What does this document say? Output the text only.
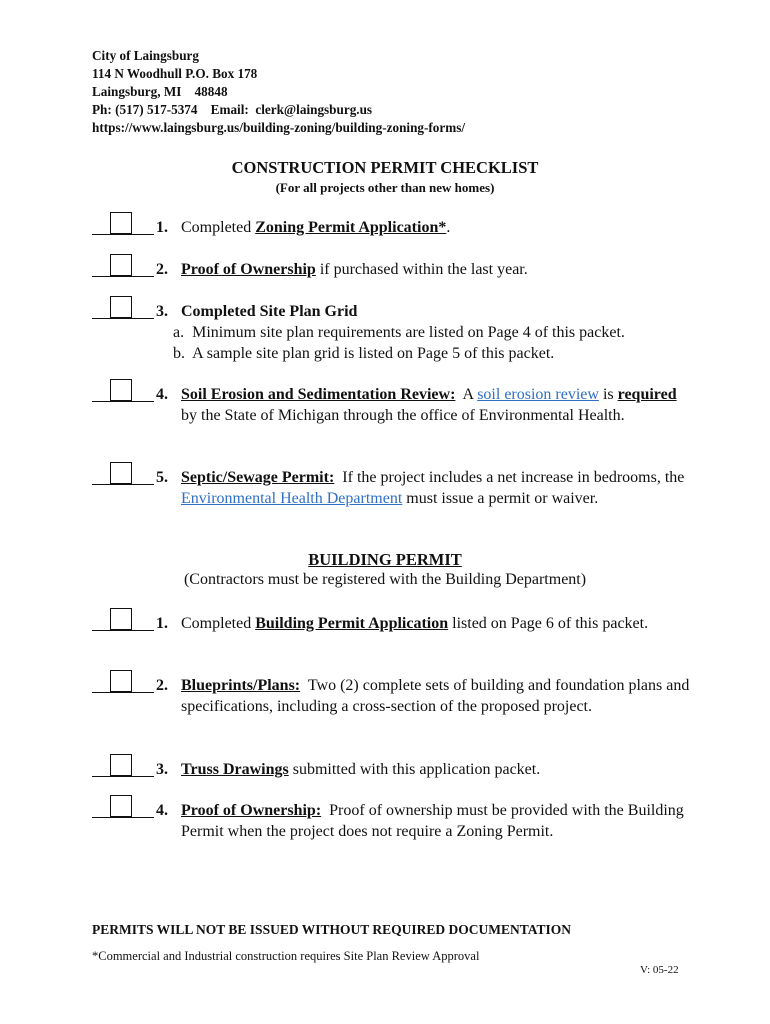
City of Laingsburg
114 N Woodhull P.O. Box 178
Laingsburg, MI    48848
Ph: (517) 517-5374    Email:  clerk@laingsburg.us
https://www.laingsburg.us/building-zoning/building-zoning-forms/
CONSTRUCTION PERMIT CHECKLIST
(For all projects other than new homes)
1. Completed Zoning Permit Application*.
2. Proof of Ownership if purchased within the last year.
3. Completed Site Plan Grid
a.  Minimum site plan requirements are listed on Page 4 of this packet.
b.  A sample site plan grid is listed on Page 5 of this packet.
4. Soil Erosion and Sedimentation Review:  A soil erosion review is required by the State of Michigan through the office of Environmental Health.
5. Septic/Sewage Permit:  If the project includes a net increase in bedrooms, the Environmental Health Department must issue a permit or waiver.
BUILDING PERMIT
(Contractors must be registered with the Building Department)
1. Completed Building Permit Application listed on Page 6 of this packet.
2. Blueprints/Plans:  Two (2) complete sets of building and foundation plans and specifications, including a cross-section of the proposed project.
3. Truss Drawings submitted with this application packet.
4. Proof of Ownership:  Proof of ownership must be provided with the Building Permit when the project does not require a Zoning Permit.
PERMITS WILL NOT BE ISSUED WITHOUT REQUIRED DOCUMENTATION
*Commercial and Industrial construction requires Site Plan Review Approval
V: 05-22
